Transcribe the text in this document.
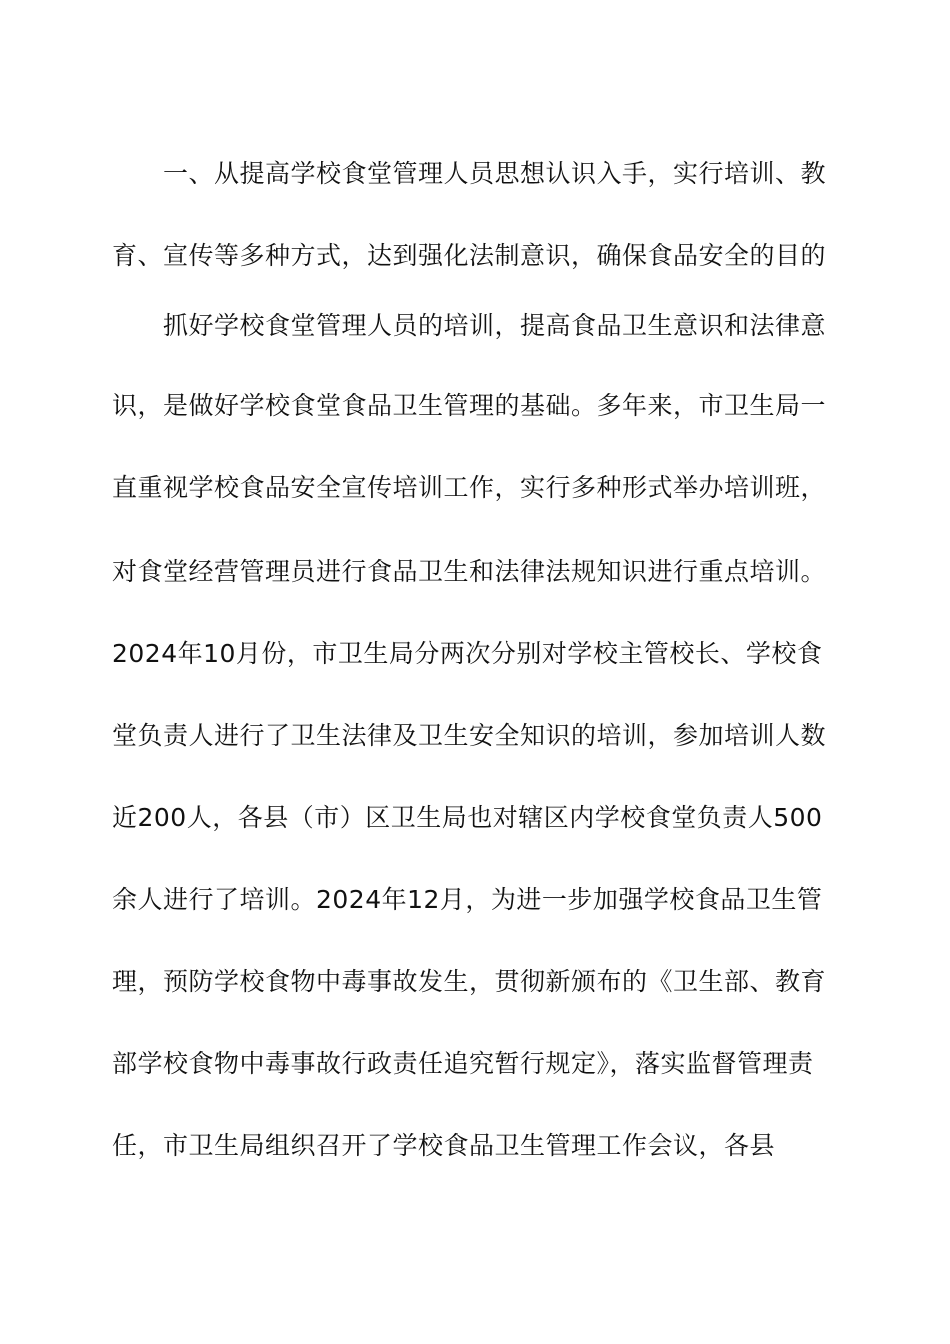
一、从提高学校食堂管理人员思想认识入手，实行培训、教
育、宣传等多种方式，达到强化法制意识，确保食品安全的目的
抓好学校食堂管理人员的培训，提高食品卫生意识和法律意
识，是做好学校食堂食品卫生管理的基础。多年来，市卫生局一
直重视学校食品安全宣传培训工作，实行多种形式举办培训班，
对食堂经营管理员进行食品卫生和法律法规知识进行重点培训。
2024年10月份，市卫生局分两次分别对学校主管校长、学校食
堂负责人进行了卫生法律及卫生安全知识的培训，参加培训人数
近200人，各县（市）区卫生局也对辖区内学校食堂负责人500
余人进行了培训。2024年12月，为进一步加强学校食品卫生管
理，预防学校食物中毒事故发生，贯彻新颁布的《卫生部、教育
部学校食物中毒事故行政责任追究暂行规定》，落实监督管理责
任，市卫生局组织召开了学校食品卫生管理工作会议，各县
